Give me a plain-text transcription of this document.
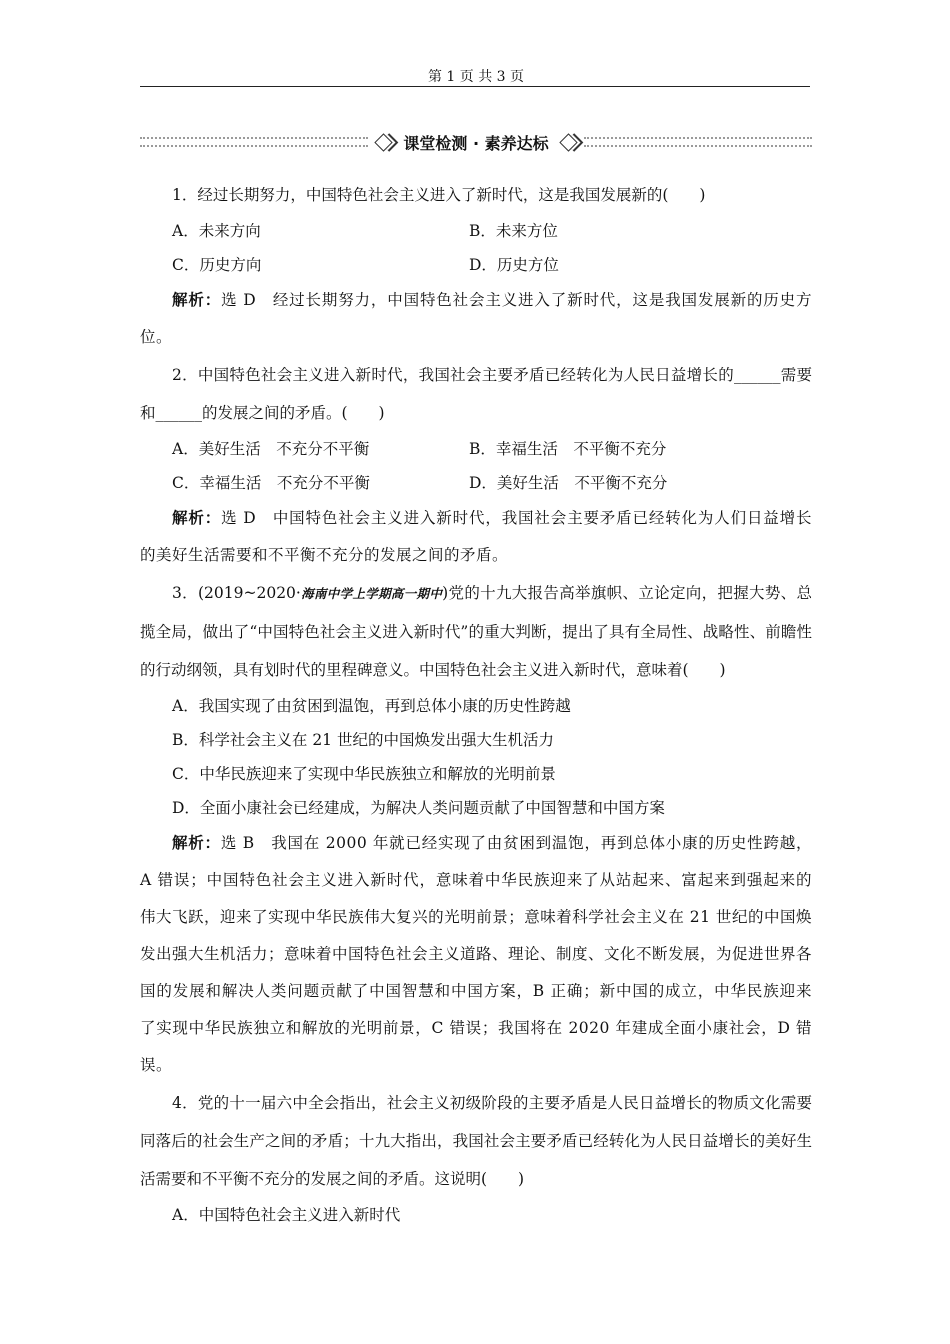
第 1 页 共 3 页
课堂检测 · 素养达标

1．经过长期努力，中国特色社会主义进入了新时代，这是我国发展新的(　　)

A．未来方向	B．未来方位
C．历史方向	D．历史方位

解析：选 D　经过长期努力，中国特色社会主义进入了新时代，这是我国发展新的历史方位。

2．中国特色社会主义进入新时代，我国社会主要矛盾已经转化为人民日益增长的______需要和______的发展之间的矛盾。(　　)

A．美好生活　不充分不平衡	B．幸福生活　不平衡不充分
C．幸福生活　不充分不平衡	D．美好生活　不平衡不充分

解析：选 D　中国特色社会主义进入新时代，我国社会主要矛盾已经转化为人们日益增长的美好生活需要和不平衡不充分的发展之间的矛盾。

3．(2019~2020·海南中学上学期高一期中)党的十九大报告高举旗帜、立论定向，把握大势、总揽全局，做出了“中国特色社会主义进入新时代”的重大判断，提出了具有全局性、战略性、前瞻性的行动纲领，具有划时代的里程碑意义。中国特色社会主义进入新时代，意味着(　　)

A．我国实现了由贫困到温饱，再到总体小康的历史性跨越
B．科学社会主义在 21 世纪的中国焕发出强大生机活力
C．中华民族迎来了实现中华民族独立和解放的光明前景
D．全面小康社会已经建成，为解决人类问题贡献了中国智慧和中国方案

解析：选 B　我国在 2000 年就已经实现了由贫困到温饱，再到总体小康的历史性跨越，A 错误；中国特色社会主义进入新时代，意味着中华民族迎来了从站起来、富起来到强起来的伟大飞跃，迎来了实现中华民族伟大复兴的光明前景；意味着科学社会主义在 21 世纪的中国焕发出强大生机活力；意味着中国特色社会主义道路、理论、制度、文化不断发展，为促进世界各国的发展和解决人类问题贡献了中国智慧和中国方案，B 正确；新中国的成立，中华民族迎来了实现中华民族独立和解放的光明前景，C 错误；我国将在 2020 年建成全面小康社会，D 错误。

4．党的十一届六中全会指出，社会主义初级阶段的主要矛盾是人民日益增长的物质文化需要同落后的社会生产之间的矛盾；十九大指出，我国社会主要矛盾已经转化为人民日益增长的美好生活需要和不平衡不充分的发展之间的矛盾。这说明(　　)

A．中国特色社会主义进入新时代
